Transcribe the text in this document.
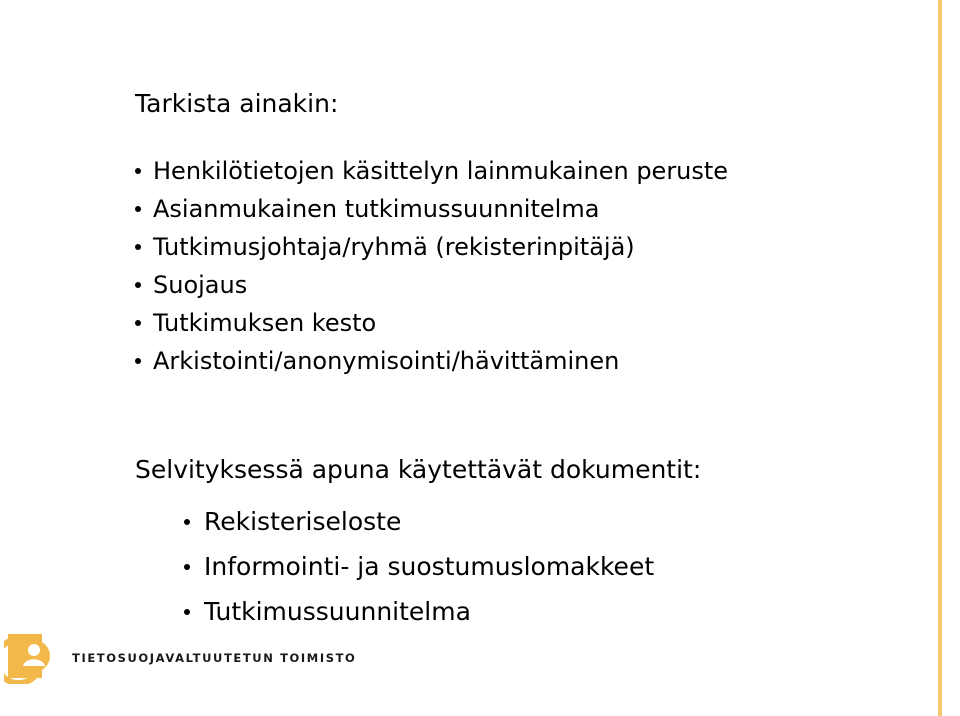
Tarkista ainakin:
Henkilötietojen käsittelyn lainmukainen peruste
Asianmukainen tutkimussuunnitelma
Tutkimusjohtaja/ryhmä (rekisterinpitäjä)
Suojaus
Tutkimuksen kesto
Arkistointi/anonymisointi/hävittäminen
Selvityksessä apuna käytettävät dokumentit:
Rekisteriseloste
Informointi- ja suostumuslomakkeet
Tutkimussuunnitelma
TIETOSUOJAVALTUUTETUN TOIMISTO
